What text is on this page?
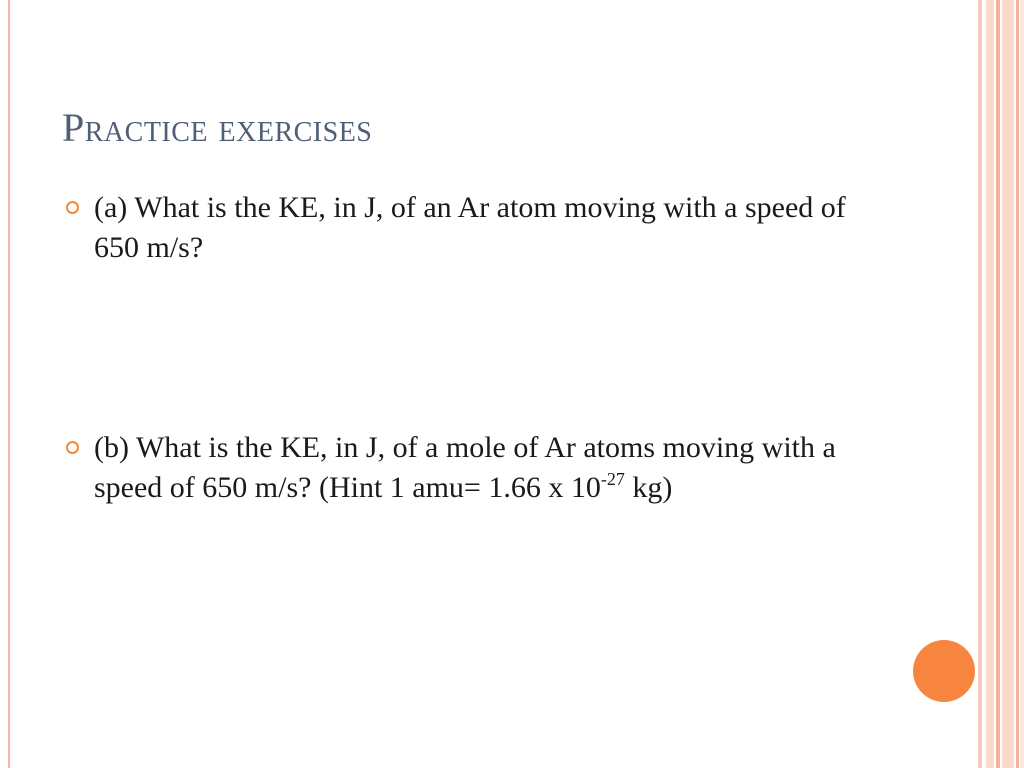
Practice exercises
(a) What is the KE, in J, of an Ar atom moving with a speed of 650 m/s?
(b) What is the KE, in J, of a mole of Ar atoms moving with a speed of 650 m/s? (Hint 1 amu= 1.66 x $10^{-27}$ kg)
